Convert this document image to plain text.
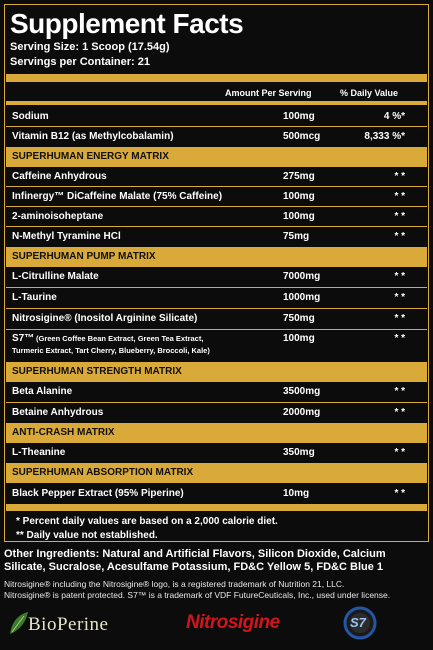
Supplement Facts
Serving Size: 1 Scoop (17.54g)
Servings per Container: 21
Amount Per Serving	% Daily Value
Sodium	100mg	4 %*
Vitamin B12 (as Methylcobalamin)	500mcg	8,333 %*
SUPERHUMAN ENERGY MATRIX
Caffeine Anhydrous	275mg	* *
Infinergy™ DiCaffeine Malate (75% Caffeine)	100mg	* *
2-aminoisoheptane	100mg	* *
N-Methyl Tyramine HCl	75mg	* *
SUPERHUMAN PUMP MATRIX
L-Citrulline Malate	7000mg	* *
L-Taurine	1000mg	* *
Nitrosigine® (Inositol Arginine Silicate)	750mg	* *
S7™ (Green Coffee Bean Extract, Green Tea Extract,
Turmeric Extract, Tart Cherry, Blueberry, Broccoli, Kale)
100mg	* *
SUPERHUMAN STRENGTH MATRIX
Beta Alanine	3500mg	* *
Betaine Anhydrous	2000mg	* *
ANTI-CRASH MATRIX
L-Theanine	350mg	* *
SUPERHUMAN ABSORPTION MATRIX
Black Pepper Extract (95% Piperine)	10mg	* *
* Percent daily values are based on a 2,000 calorie diet.
** Daily value not established.
Other Ingredients: Natural and Artificial Flavors, Silicon Dioxide, Calcium Silicate, Sucralose, Acesulfame Potassium, FD&C Yellow 5, FD&C Blue 1
Nitrosigine® including the Nitrosigine® logo, is a registered trademark of Nutrition 21, LLC.
Nitrosigine® is patent protected. S7™ is a trademark of VDF FutureCeuticals, Inc., used under license.
BioPerine	Nitrosigine	S7
